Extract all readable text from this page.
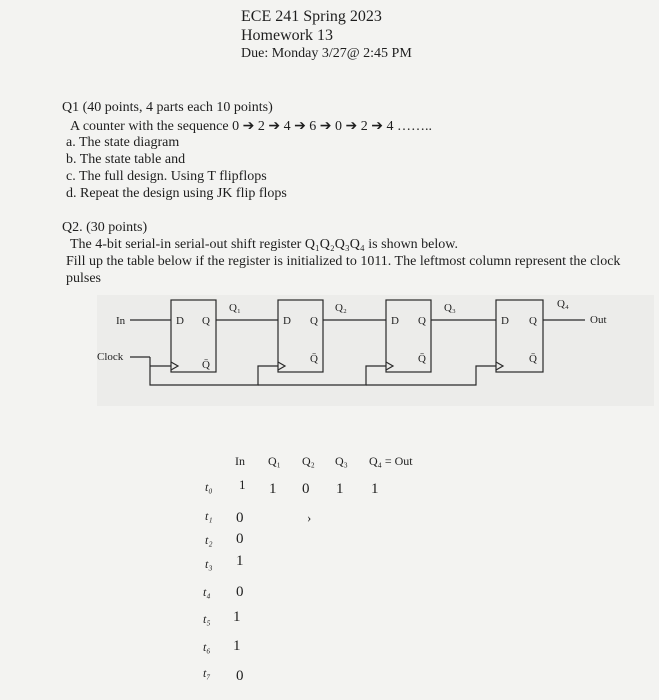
ECE 241 Spring 2023
Homework 13
Due: Monday 3/27@ 2:45 PM
Q1 (40 points, 4 parts each 10 points)
A counter with the sequence 0 ➔ 2 ➔ 4 ➔ 6 ➔ 0 ➔ 2 ➔ 4 ……..
a. The state diagram
b. The state table and
c. The full design. Using T flipflops
d. Repeat the design using JK flip flops
Q2. (30 points)
The 4-bit serial-in serial-out shift register Q₁Q₂Q₃Q₄ is shown below.
Fill up the table below if the register is initialized to 1011. The leftmost column represent the clock
pulses
D Q
Q̄
D Q
Q̄
D Q
Q̄
D Q
Q̄
In
Clock
Out
Q₁	Q₂	Q₃	Q₄
In Q₁ Q₂ Q₃ Q₄ = Out
t₀ 1 1 0 1 1
t₁ 0	›
t₂ 0
t₃ 1
t₄ 0
t₅ 1
t₆ 1
t₇ 0
